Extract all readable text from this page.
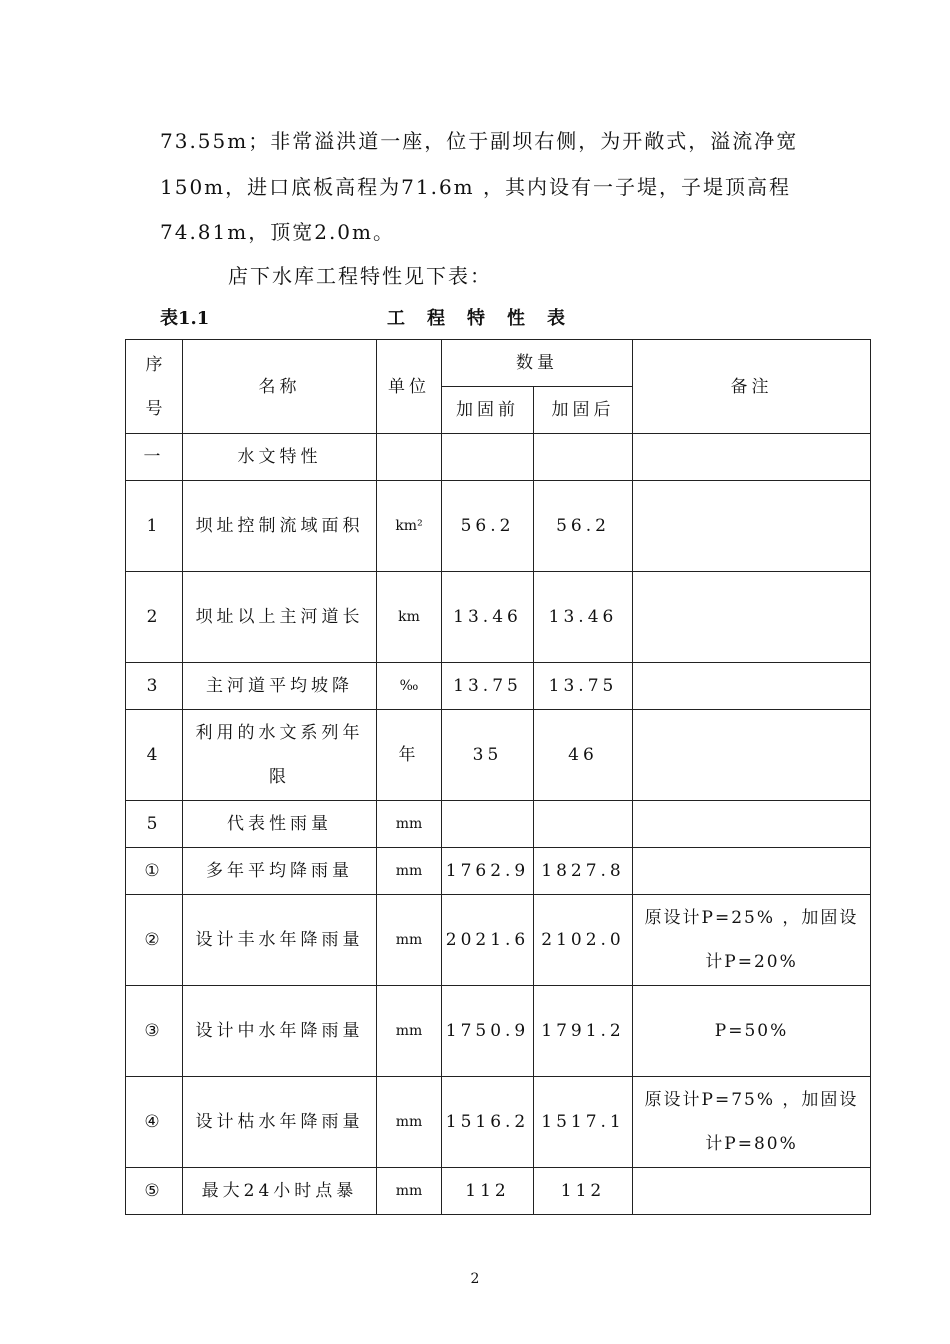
73.55m；非常溢洪道一座，位于副坝右侧，为开敞式，溢流净宽
150m，进口底板高程为71.6m ，其内设有一子堤，子堤顶高程
74.81m，顶宽2.0m。
店下水库工程特性见下表：
表1.1	工　程　特　性　表
序号	名称	单位	数量		备注
			加固前	加固后	
一	水文特性				
1	坝址控制流域面积	km²	56.2	56.2	
2	坝址以上主河道长	km	13.46	13.46	
3	主河道平均坡降	‰	13.75	13.75	
4	利用的水文系列年限	年	35	46	
5	代表性雨量	mm			
①	多年平均降雨量	mm	1762.9	1827.8	
②	设计丰水年降雨量	mm	2021.6	2102.0	原设计P=25% ，加固设计P=20%
③	设计中水年降雨量	mm	1750.9	1791.2	P=50%
④	设计枯水年降雨量	mm	1516.2	1517.1	原设计P=75% ，加固设计P=80%
⑤	最大24小时点暴	mm	112	112	
2
